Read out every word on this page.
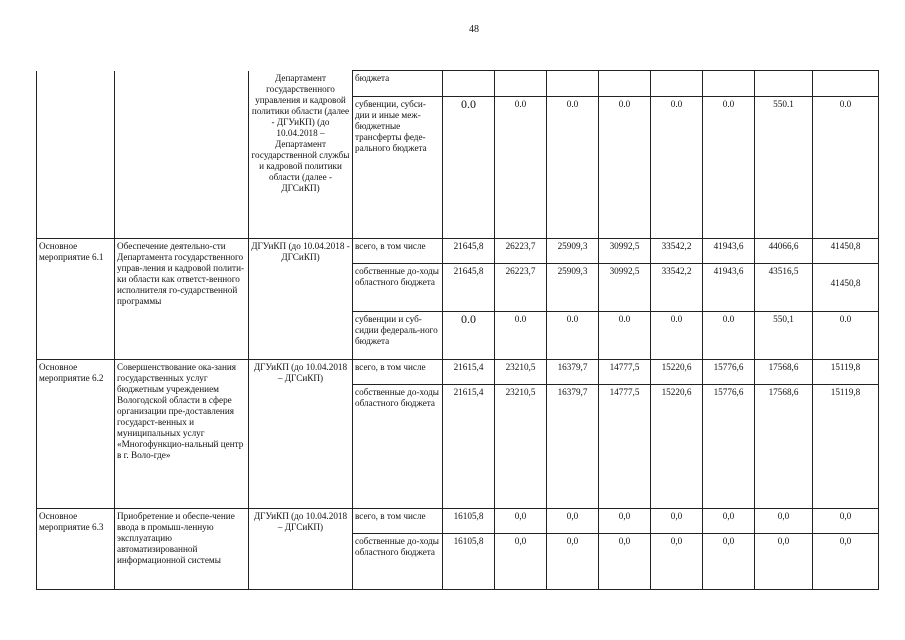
48
		Департамент государственного управления и кадровой политики области (далее - ДГУиКП) (до 10.04.2018 – Департамент государственной службы и кадровой политики области (далее - ДГСиКП)	бюджета								
			субвенции, субси-дии и иные меж-бюджетные трансферты феде-рального бюджета	0.0	0.0	0.0	0.0	0.0	0.0	550.1	0.0
Основное мероприятие 6.1	Обеспечение деятельно-сти Департамента государственного управ-ления и кадровой полити-ки области как ответст-венного исполнителя го-сударственной программы	ДГУиКП (до 10.04.2018 - ДГСиКП)	всего, в том числе	21645,8	26223,7	25909,3	30992,5	33542,2	41943,6	44066,6	41450,8
			собственные до-ходы областного бюджета	21645,8	26223,7	25909,3	30992,5	33542,2	41943,6	43516,5	41450,8
			субвенции и суб-сидии федераль-ного бюджета	0.0	0.0	0.0	0.0	0.0	0.0	550,1	0.0
Основное мероприятие 6.2	Совершенствование ока-зания государственных услуг бюджетным учреждением Вологодской области в сфере организации пре-доставления государст-венных и муниципальных услуг «Многофункцио-нальный центр в г. Воло-где»	ДГУиКП (до 10.04.2018 – ДГСиКП)	всего, в том числе	21615,4	23210,5	16379,7	14777,5	15220,6	15776,6	17568,6	15119,8
			собственные до-ходы областного бюджета	21615,4	23210,5	16379,7	14777,5	15220,6	15776,6	17568,6	15119,8
Основное мероприятие 6.3	Приобретение и обеспе-чение ввода в промыш-ленную эксплуатацию автоматизированной информационной системы	ДГУиКП (до 10.04.2018 – ДГСиКП)	всего, в том числе	16105,8	0,0	0,0	0,0	0,0	0,0	0,0	0,0
			собственные до-ходы областного бюджета	16105,8	0,0	0,0	0,0	0,0	0,0	0,0	0,0
